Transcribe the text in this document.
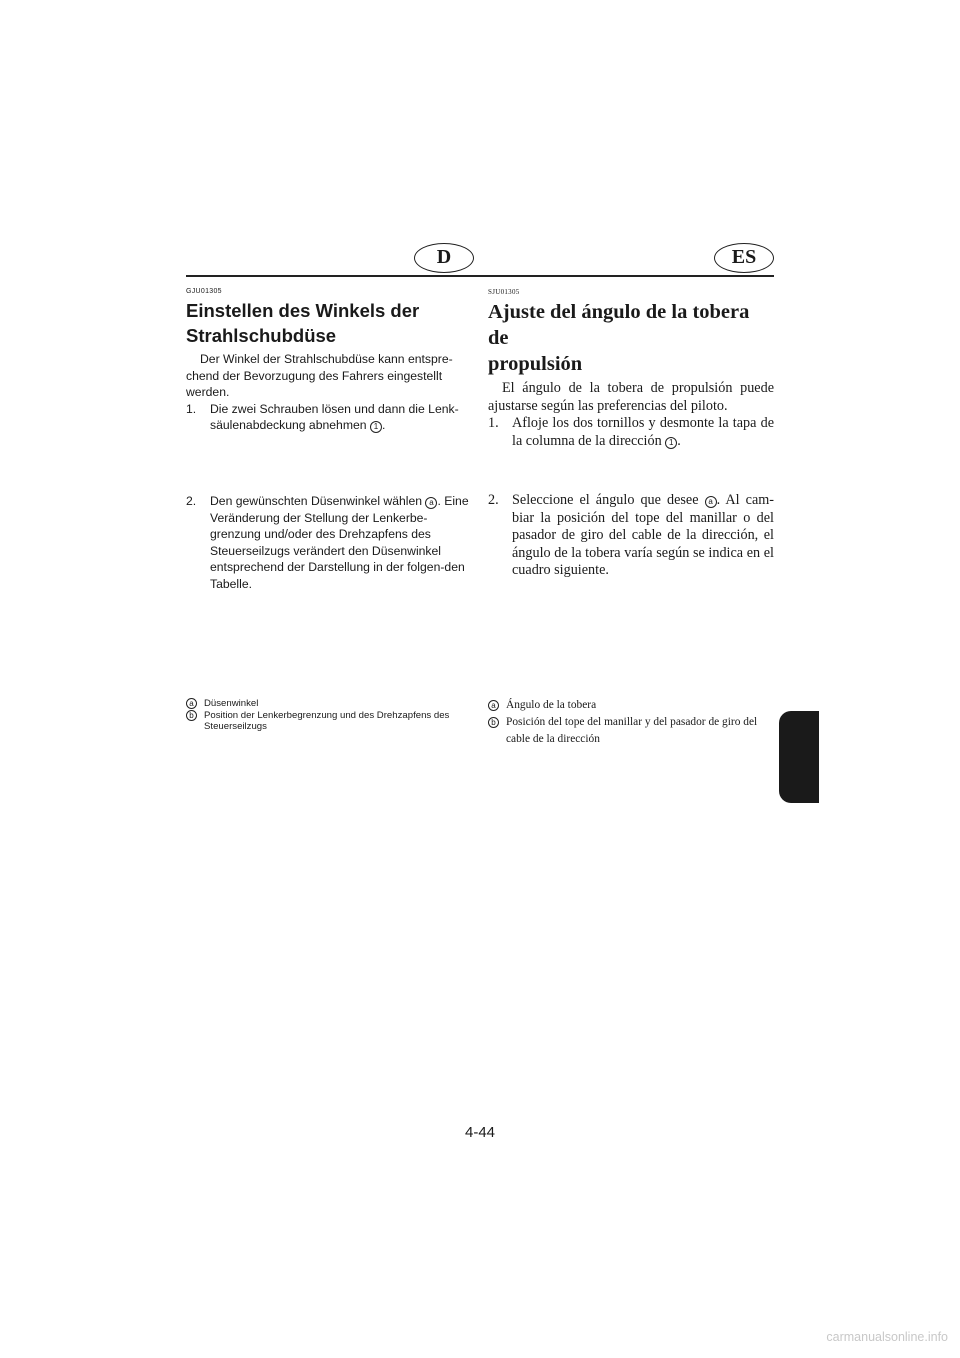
D	ES
GJU01305
Einstellen des Winkels der
Strahlschubdüse
Der Winkel der Strahlschubdüse kann entspre-chend der Bevorzugung des Fahrers eingestellt werden.
1.	Die zwei Schrauben lösen und dann die Lenk-säulenabdeckung abnehmen 1 .
2.	Den gewünschten Düsenwinkel wählen a . Eine Veränderung der Stellung der Lenkerbe-grenzung und/oder des Drehzapfens des Steuerseilzugs verändert den Düsenwinkel entsprechend der Darstellung in der folgen-den Tabelle.
a	Düsenwinkel
b	Position der Lenkerbegrenzung und des Drehzapfens des Steuerseilzugs
SJU01305
Ajuste del ángulo de la tobera de
propulsión
El ángulo de la tobera de propulsión puede ajustarse según las preferencias del piloto.
1. Afloje los dos tornillos y desmonte la tapa de la columna de la dirección 1 .
2. Seleccione el ángulo que desee a . Al cam-biar la posición del tope del manillar o del pasador de giro del cable de la dirección, el ángulo de la tobera varía según se indica en el cuadro siguiente.
a Ángulo de la tobera
b Posición del tope del manillar y del pasador de giro del cable de la dirección
4-44
carmanualsonline.info
